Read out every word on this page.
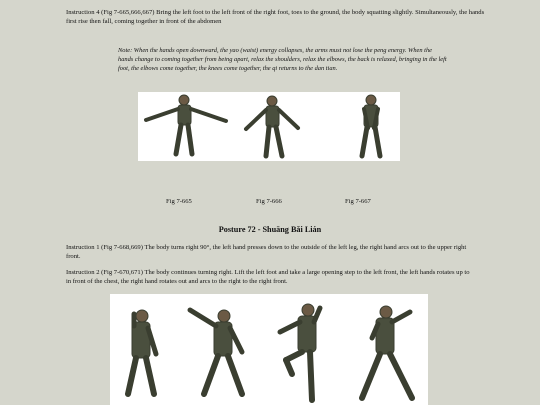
Instruction 4 (Fig 7-665,666,667) Bring the left foot to the left front of the right foot, toes to the ground, the body squatting slightly. Simultaneously, the hands first rise then fall, coming together in front of the abdomen

Note: When the hands open downward, the yao (waist) energy collapses, the arms must not lose the peng energy. When the hands change to coming together from being apart, relax the shoulders, relax the elbows, the back is relaxed, bringing in the left foot, the elbows come together, the knees come together, the qi returns to the dan tian.

Fig 7-665	Fig 7-666	Fig 7-667
Posture 72 - Shuāng Bǎi Lián

Instruction 1 (Fig 7-668,669) The body turns right 90°, the left hand presses down to the outside of the left leg, the right hand arcs out to the upper right front.

Instruction 2 (Fig 7-670,671) The body continues turning right. Lift the left foot and take a large opening step to the left front, the left hands rotates up to in front of the chest, the right hand rotates out and arcs to the right to the right front.
